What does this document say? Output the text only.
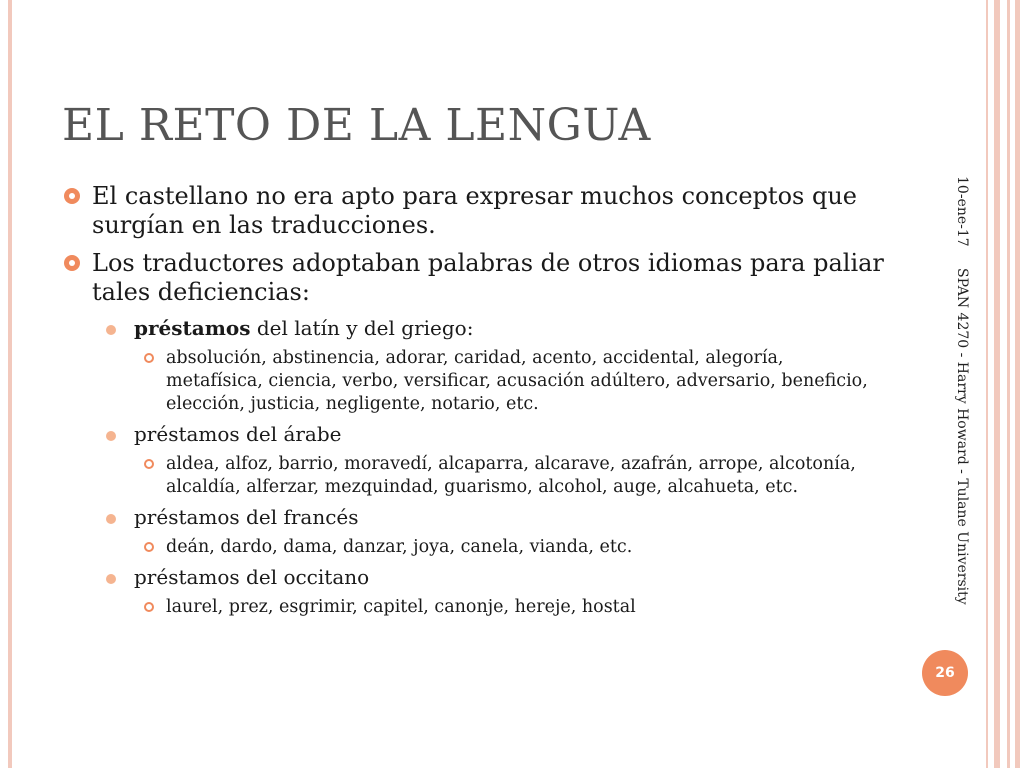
EL RETO DE LA LENGUA
El castellano no era apto para expresar muchos conceptos que surgían en las traducciones.
Los traductores adoptaban palabras de otros idiomas para paliar tales deficiencias:
préstamos del latín y del griego:
absolución, abstinencia, adorar, caridad, acento, accidental, alegoría, metafísica, ciencia, verbo, versificar, acusación adúltero, adversario, beneficio, elección, justicia, negligente, notario, etc.
préstamos del árabe
aldea, alfoz, barrio, moravedí, alcaparra, alcarave, azafrán, arrope, alcotonía, alcaldía, alferzar, mezquindad, guarismo, alcohol, auge, alcahueta, etc.
préstamos del francés
deán, dardo, dama, danzar, joya, canela, vianda, etc.
préstamos del occitano
laurel, prez, esgrimir, capitel, canonje, hereje, hostal
10-ene-17
SPAN 4270 - Harry Howard - Tulane University
26
